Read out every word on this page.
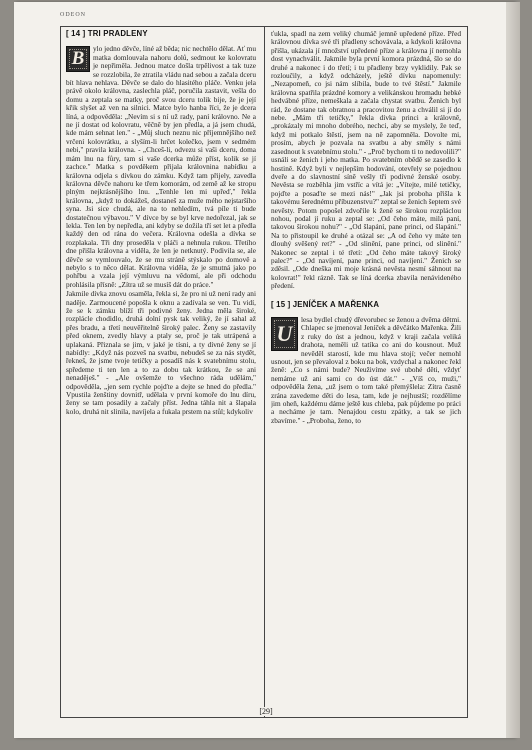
ODEON
[ 14 ] TŘI PŘADLENY
B	ylo jedno děvče, líné až běda; nic nechtělo dělat. Ať mu matka domlouvala nahoru dolů, sedmout ke kolovratu je nepřiměla. Jednou matce došla trpělivost a tak tuze se rozzlobila, že ztratila vládu nad sebou a začala dceru bít hlava nehlava. Děvče se dalo do hlasitého pláče. Venku jela právě okolo královna, zaslechla pláč, poručila zastavit, vešla do domu a zeptala se matky, proč svou dceru tolik bije, že je její křik slyšet až ven na silnici. Matce bylo hanba říci, že je dcera líná, a odpověděla: „Nevím si s ní už rady, paní královno. Ne a ne jí dostat od kolovratu, věčně by jen předla, a já jsem chudá, kde mám sehnat len." - „Můj sluch neznu nic příjemnějšího než vrčení kolovrátku, a slyším-li hrčet kolečko, jsem v sedmém nebi," pravila královna. - „Chceš-li, odvezu si vaši dceru, doma mám lnu na fůry, tam si vaše dcerka může příst, kolik se jí zachce." Matka s povděkem přijala královnina nabídku a královna odjela s dívkou do zámku. Když tam přijely, zavedla královna děvče nahoru ke třem komorám, od země až ke stropu plným nejkrásnějšího lnu. „Tenhle len mi upřeď," řekla královna, „když to dokážeš, dostaneš za muže mého nejstaršího syna. Jsi sice chudá, ale na to nehledím, tvá píle ti bude dostatečnou výbavou." V dívce by se byl krve nedořezal, jak se lekla. Ten len by nepředla, ani kdyby se dožila tří set let a předla každý den od rána do večera. Královna odešla a dívka se rozplakala. Tři dny proseděla v pláči a nehnula rukou. Třetího dne přišla královna a viděla, že len je netknutý. Podivila se, ale děvče se vymlouvalo, že se mu stráně stýskalo po domově a nebylo s to něco dělat. Královna viděla, že je smutná jako po pohřbu a vzala její výmluvu na vědomí, ale při odchodu prohlásila přísně: „Zítra už se musíš dát do práce."

Jakmile dívka znovu osaměla, řekla si, že pro ni už není rady ani naděje. Zarmoucené popošla k oknu a zadívala se ven. Tu vidí, že se k zámku blíží tři podivné ženy. Jedna měla široké, rozplácle chodidlo, druhá dolní pysk tak veliký, že jí sahal až přes bradu, a třetí neuvěřitelně široký palec. Ženy se zastavily před oknem, zvedly hlavy a ptaly se, proč je tak utrápená a uplakaná. Přiznala se jim, v jaké je tísni, a ty dívné ženy se jí nabídly: „Když nás pozveš na svatbu, nebudeš se za nás stydět, řekneš, že jsme tvoje tetičky a posadíš nás k svatebnímu stolu, spředeme ti ten len a to za dobu tak krátkou, že se ani nenaděješ." - „Ale ovšemže to všechno ráda udělám," odpověděla, „jen sem rychle pojďte a dejte se hned do předla." Vpustila ženštiny dovnitř, udělala v první komoře do lnu díru, ženy se tam posadily a začaly příst. Jedna táhla nit a šlapala kolo, druhá nit slinila, navíjela a fukala prstem na stůl; kdykoliv

ťukla, spadl na zem veliký chumáč jemně upředené příze. Před královnou dívka své tři přadleny schovávala, a kdykoli královna přišla, ukázala jí množství upředené příze a královna jí nemohla dost vynachválit. Jakmile byla první komora prázdná, šlo se do druhé a nakonec i do třetí; i tu přadleny brzy vyklidily. Pak se rozloučily, a když odcházely, ještě dívku napomenuly: „Nezapomeň, co jsi nám slíbila, bude to tvé štěstí." Jakmile královna spatřila prázdné komory a velikánskou hromadu hebké hedvábné příze, nemeškala a začala chystat svatbu. Ženich byl rád, že dostane tak obratnou a pracovitou ženu a chválil si jí do nebe. „Mám tři tetičky," řekla dívka princi a královně, „prokázaly mi mnoho dobrého, nechci, aby se myslely, že teď, když mi potkalo štěstí, jsem na ně zapomněla. Dovolte mi, prosím, abych je pozvala na svatbu a aby směly s námi zasednout k svatebnímu stolu." - „Proč bychom ti to nedovolili?" usnáli se ženich i jeho matka. Po svatebním obědě se zasedlo k hostině. Když byli v nejlepším hodování, otevřely se pojednou dveře a do slavnostní síně vešly tři podivné ženské osoby. Nevěsta se rozběhla jim vstříc a vítá je: „Vítejte, milé tetičky, pojďte a posaďte se mezi nás!" „Jak jsi proboha přišla k takovému šerednému příbuzenstvu?" zeptal se ženich šeptem své nevěsty. Potom popošel zdvořile k ženě se širokou rozpláclou nohou, podal jí ruku a zeptal se: „Od čeho máte, milá paní, takovou širokou nohu?" - „Od šlapání, pane princi, od šlapání." Na to přistoupil ke druhé a otázal se: „A od čeho vy máte ten dlouhý svěšený ret?" - „Od slinění, pane princi, od slinění." Nakonec se zeptal i té třetí: „Od čeho máte takový široký palec?" - „Od navíjení, pane princi, od navíjení." Ženich se zděsil. „Ode dneška mi moje krásná nevěsta nesmí sáhnout na kolovrat!" řekl rázně. Tak se líná dcerka zbavila nenávideného předení.

[ 15 ] JENÍČEK A MAŘENKA
U

lesa bydlel chudý dřevorubec se ženou a dvěma dětmi. Chlapec se jmenoval Jeníček a děvčátko Mařenka. Žili z ruky do úst a jednou, když v kraji začala veliká drahota, neměli už tatíka co ani do kousnout. Muž nevěděl starostí, kde mu hlava stojí; večer nemohl usnout, jen se převaloval z boku na bok, vzdychal a nakonec řekl ženě: „Co s námi bude? Neuživíme své ubohé děti, vždyť nemáme už ani sami co do úst dát." - „Víš co, muži," odpověděla žena, „už jsem o tom také přemýšlela: Zítra časně zrána zavedeme děti do lesa, tam, kde je nejhustší; rozdělíme jim oheň, každému dáme ještě kus chleba, pak půjdeme po práci a necháme je tam. Nenajdou cestu zpátky, a tak se jich zbavíme." - „Proboha, ženo, to

[29]
